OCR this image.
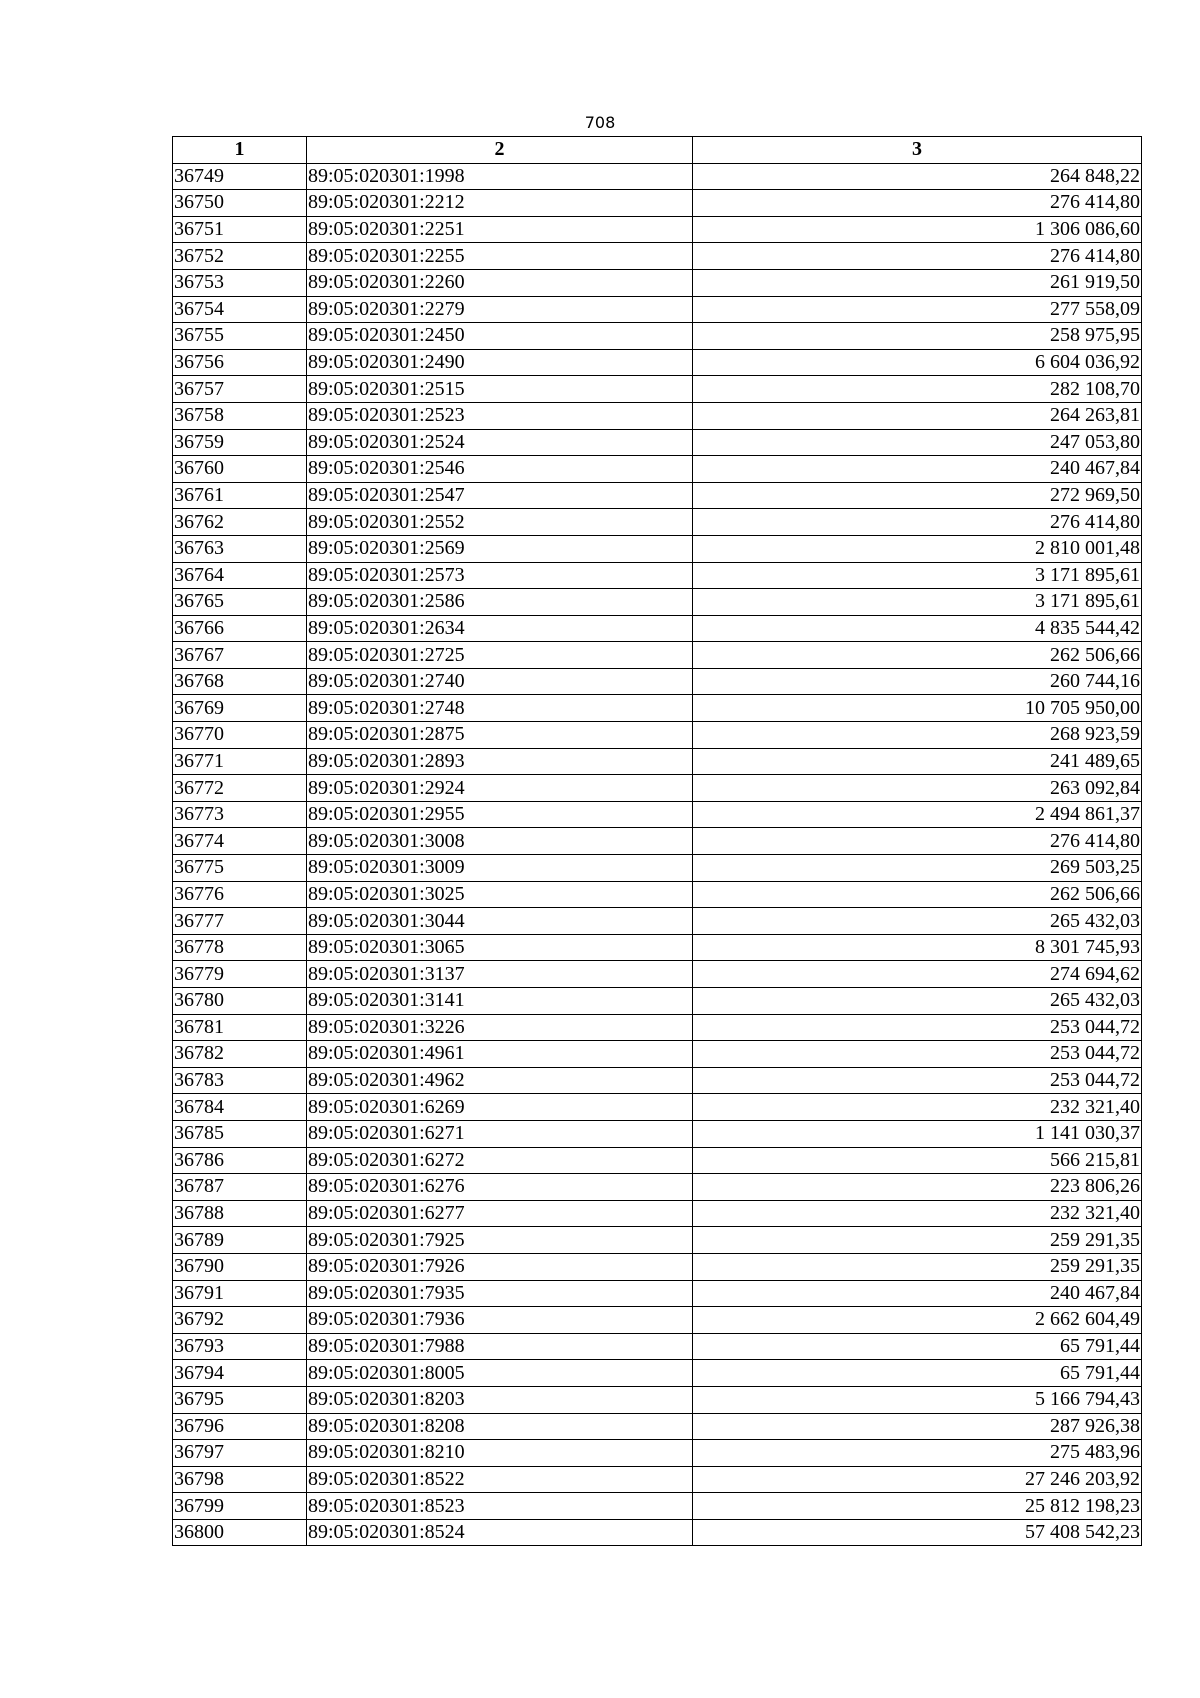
708
1	2	3
36749	89:05:020301:1998	264 848,22
36750	89:05:020301:2212	276 414,80
36751	89:05:020301:2251	1 306 086,60
36752	89:05:020301:2255	276 414,80
36753	89:05:020301:2260	261 919,50
36754	89:05:020301:2279	277 558,09
36755	89:05:020301:2450	258 975,95
36756	89:05:020301:2490	6 604 036,92
36757	89:05:020301:2515	282 108,70
36758	89:05:020301:2523	264 263,81
36759	89:05:020301:2524	247 053,80
36760	89:05:020301:2546	240 467,84
36761	89:05:020301:2547	272 969,50
36762	89:05:020301:2552	276 414,80
36763	89:05:020301:2569	2 810 001,48
36764	89:05:020301:2573	3 171 895,61
36765	89:05:020301:2586	3 171 895,61
36766	89:05:020301:2634	4 835 544,42
36767	89:05:020301:2725	262 506,66
36768	89:05:020301:2740	260 744,16
36769	89:05:020301:2748	10 705 950,00
36770	89:05:020301:2875	268 923,59
36771	89:05:020301:2893	241 489,65
36772	89:05:020301:2924	263 092,84
36773	89:05:020301:2955	2 494 861,37
36774	89:05:020301:3008	276 414,80
36775	89:05:020301:3009	269 503,25
36776	89:05:020301:3025	262 506,66
36777	89:05:020301:3044	265 432,03
36778	89:05:020301:3065	8 301 745,93
36779	89:05:020301:3137	274 694,62
36780	89:05:020301:3141	265 432,03
36781	89:05:020301:3226	253 044,72
36782	89:05:020301:4961	253 044,72
36783	89:05:020301:4962	253 044,72
36784	89:05:020301:6269	232 321,40
36785	89:05:020301:6271	1 141 030,37
36786	89:05:020301:6272	566 215,81
36787	89:05:020301:6276	223 806,26
36788	89:05:020301:6277	232 321,40
36789	89:05:020301:7925	259 291,35
36790	89:05:020301:7926	259 291,35
36791	89:05:020301:7935	240 467,84
36792	89:05:020301:7936	2 662 604,49
36793	89:05:020301:7988	65 791,44
36794	89:05:020301:8005	65 791,44
36795	89:05:020301:8203	5 166 794,43
36796	89:05:020301:8208	287 926,38
36797	89:05:020301:8210	275 483,96
36798	89:05:020301:8522	27 246 203,92
36799	89:05:020301:8523	25 812 198,23
36800	89:05:020301:8524	57 408 542,23
